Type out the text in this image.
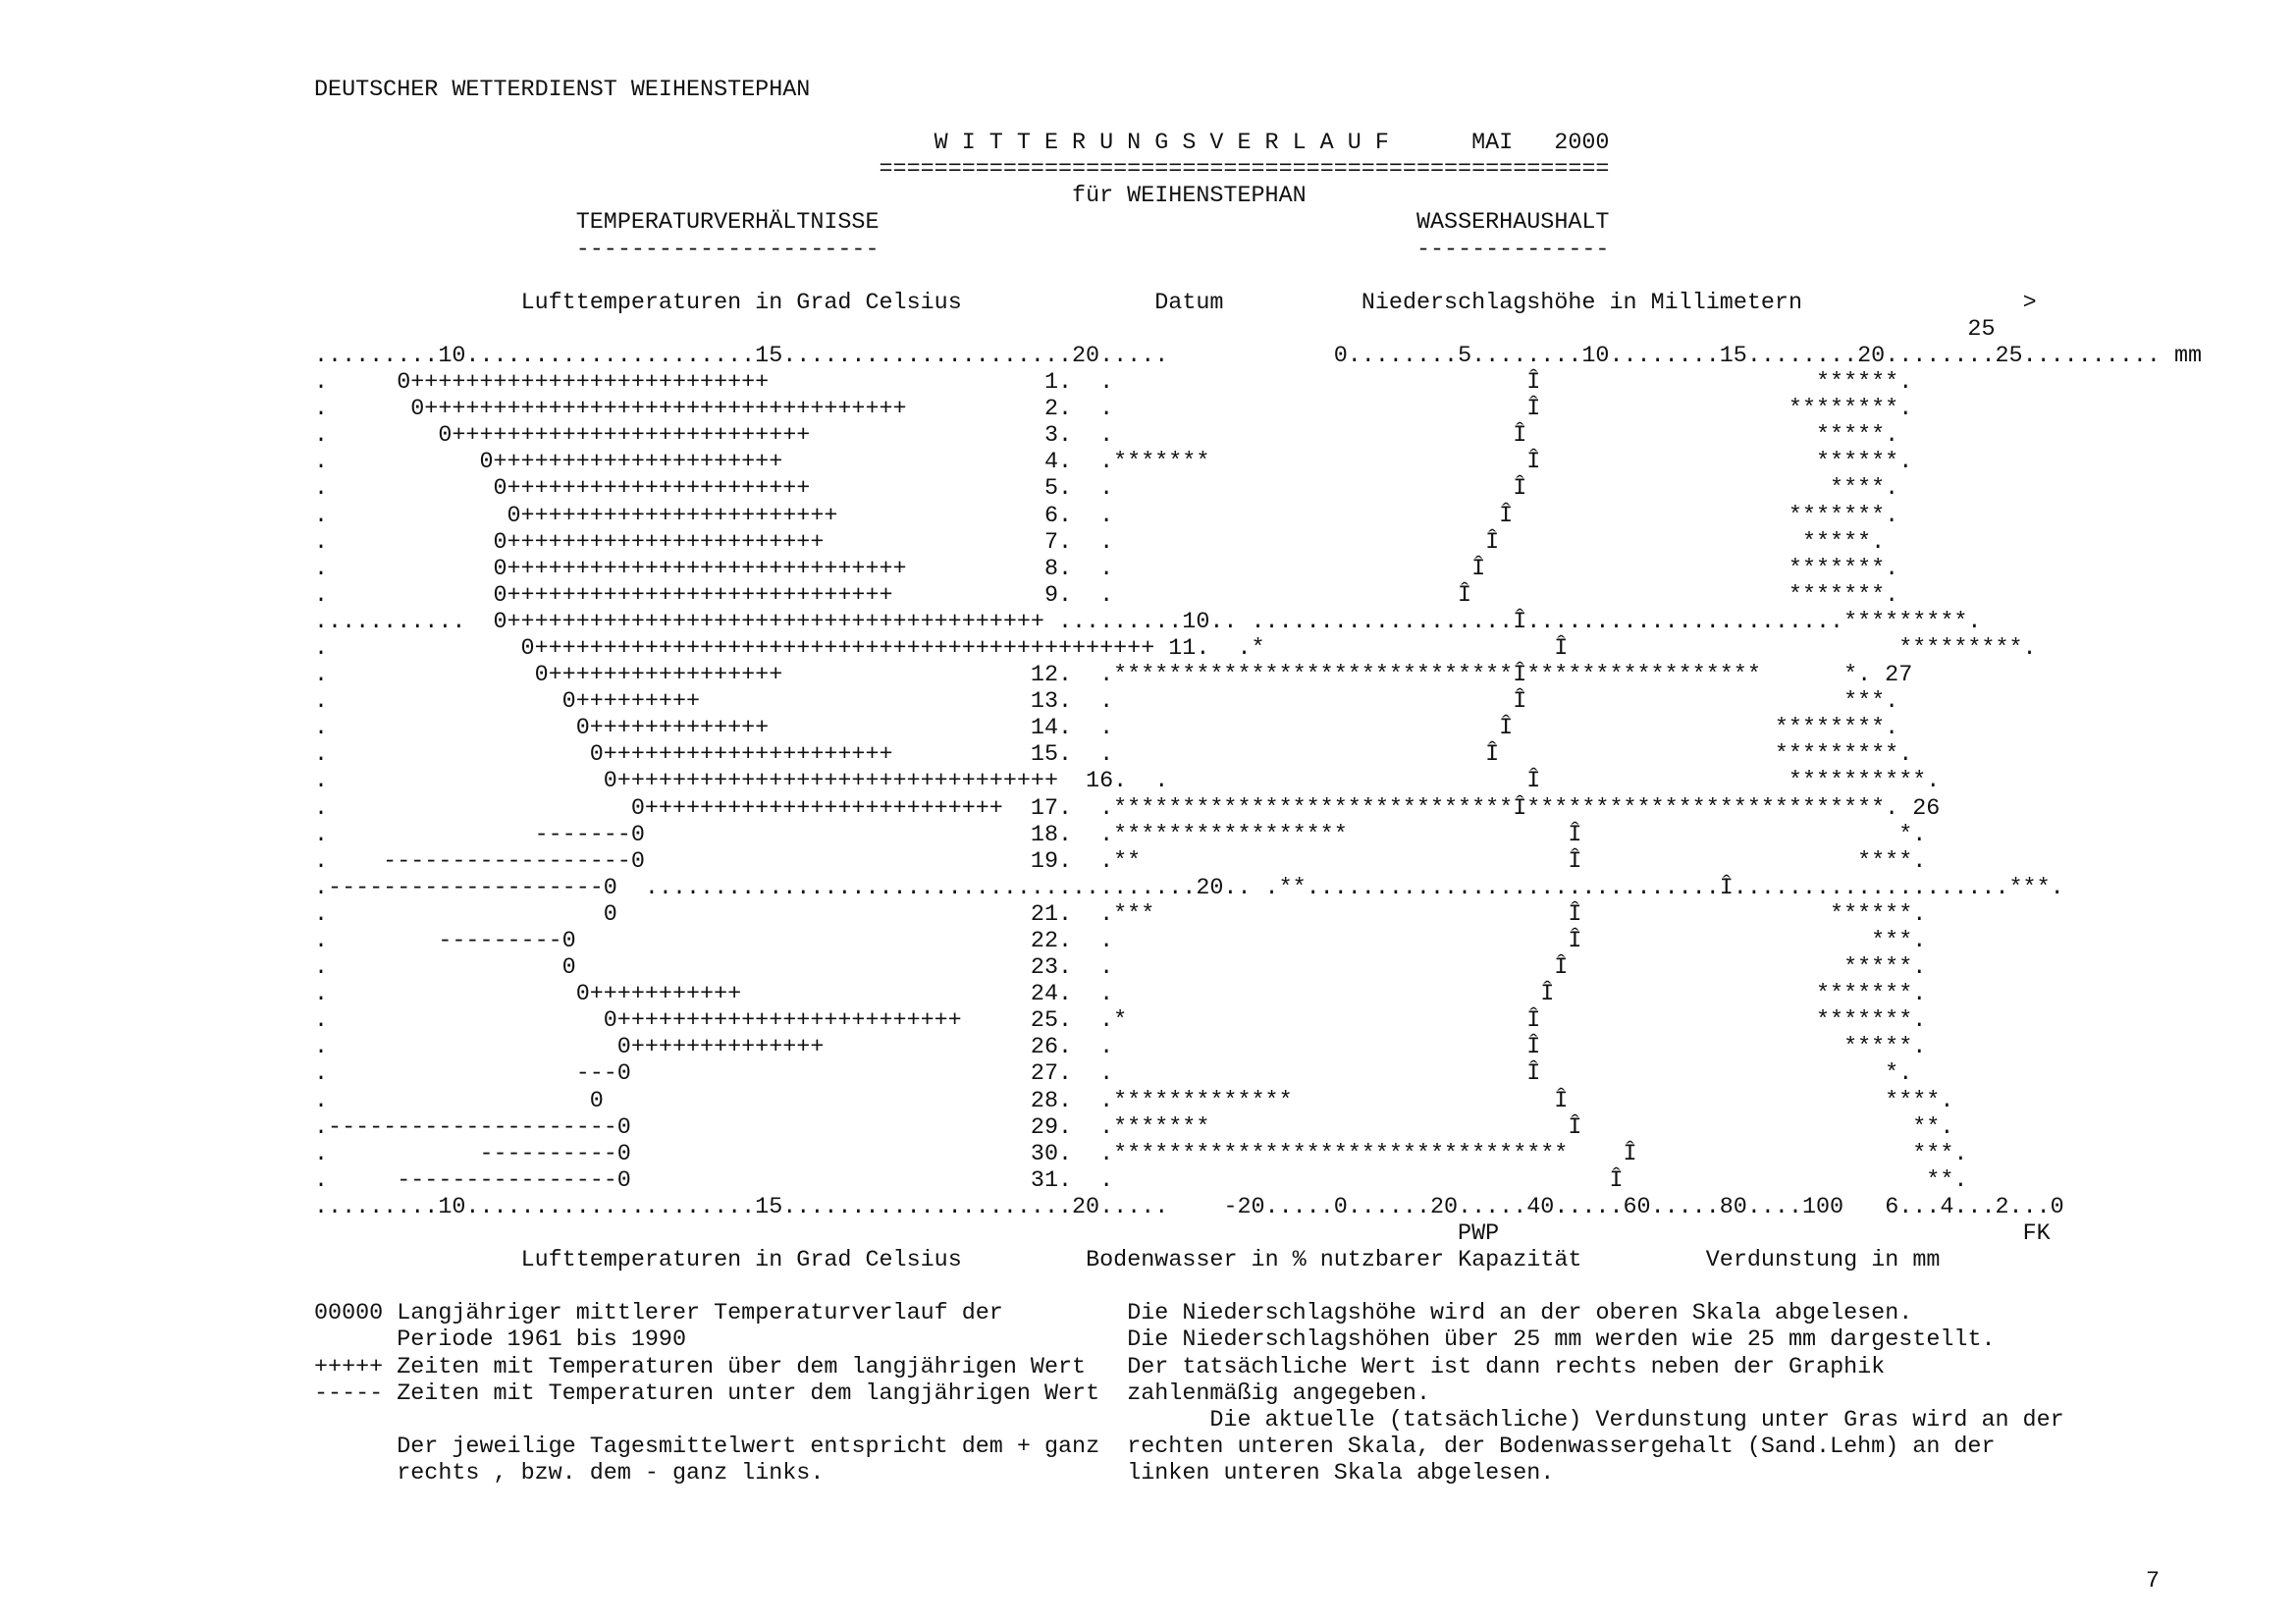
DEUTSCHER WETTERDIENST WEIHENSTEPHAN

W I T T E R U N G S V E R L A U F      MAI   2000
=====================================================
für WEIHENSTEPHAN
TEMPERATURVERHÄLTNISSE	WASSERHAUSHALT
----------------------	--------------

Lufttemperaturen in Grad Celsius	Datum	Niederschlagshöhe in Millimetern	>
25
.........10.....................15.....................20.....	0........5........10........15........20........25.......... mm
.     0++++++++++++++++++++++++++                    1.  .                              Î                    ******.
.      0+++++++++++++++++++++++++++++++++++          2.  .                              Î                  ********.
.        0++++++++++++++++++++++++++                 3.  .                             Î                     *****.
.           0+++++++++++++++++++++                   4.  .*******                       Î                    ******.
.            0++++++++++++++++++++++                 5.  .                             Î                      ****.
.             0+++++++++++++++++++++++               6.  .                            Î                    *******.
.            0+++++++++++++++++++++++                7.  .                           Î                      *****.
.            0+++++++++++++++++++++++++++++          8.  .                          Î                      *******.
.            0++++++++++++++++++++++++++++           9.  .                         Î                       *******.
...........  0+++++++++++++++++++++++++++++++++++++++ .........10.. ...................Î.......................*********.
.              0+++++++++++++++++++++++++++++++++++++++++++++ 11.  .*                     Î                        *********.
.               0+++++++++++++++++                  12.  .*****************************Î*****************      *. 27
.                 0+++++++++                        13.  .                             Î                       ***.
.                  0+++++++++++++                   14.  .                            Î                   ********.
.                   0+++++++++++++++++++++          15.  .                           Î                    *********.
.                    0++++++++++++++++++++++++++++++++  16.  .                          Î                  **********.
.                      0++++++++++++++++++++++++++  17.  .*****************************Î**************************. 26
.               -------0                            18.  .*****************                Î                       *.
.    ------------------0                            19.  .**                               Î                    ****.
.--------------------0  ........................................20.. .**..............................Î....................***.
.                    0                              21.  .***                              Î                  ******.
.        ---------0                                 22.  .                                 Î                     ***.
.                 0                                 23.  .                                Î                    *****.
.                  0+++++++++++                     24.  .                               Î                   *******.
.                    0+++++++++++++++++++++++++     25.  .*                             Î                    *******.
.                     0++++++++++++++               26.  .                              Î                      *****.
.                  ---0                             27.  .                              Î                         *.
.                   0                               28.  .*************                   Î                       ****.
.---------------------0                             29.  .*******                          Î                        **.
.           ----------0                             30.  .*********************************    Î                    ***.
.     ----------------0                             31.  .                                    Î                      **.
.........10.....................15.....................20..... -20.....0......20.....40.....60.....80....100   6...4...2...0
PWP	FK
Lufttemperaturen in Grad Celsius	Bodenwasser in % nutzbarer Kapazität	Verdunstung in mm

00000 Langjähriger mittlerer Temperaturverlauf der	Die Niederschlagshöhe wird an der oberen Skala abgelesen.
Periode 1961 bis 1990	Die Niederschlagshöhen über 25 mm werden wie 25 mm dargestellt.
+++++ Zeiten mit Temperaturen über dem langjährigen Wert Der tatsächliche Wert ist dann rechts neben der Graphik
----- Zeiten mit Temperaturen unter dem langjährigen Wert zahlenmäßig angegeben.
Die aktuelle (tatsächliche) Verdunstung unter Gras wird an der
Der jeweilige Tagesmittelwert entspricht dem + ganz rechten unteren Skala, der Bodenwassergehalt (Sand.Lehm) an der
rechts , bzw. dem - ganz links.	linken unteren Skala abgelesen.
7
